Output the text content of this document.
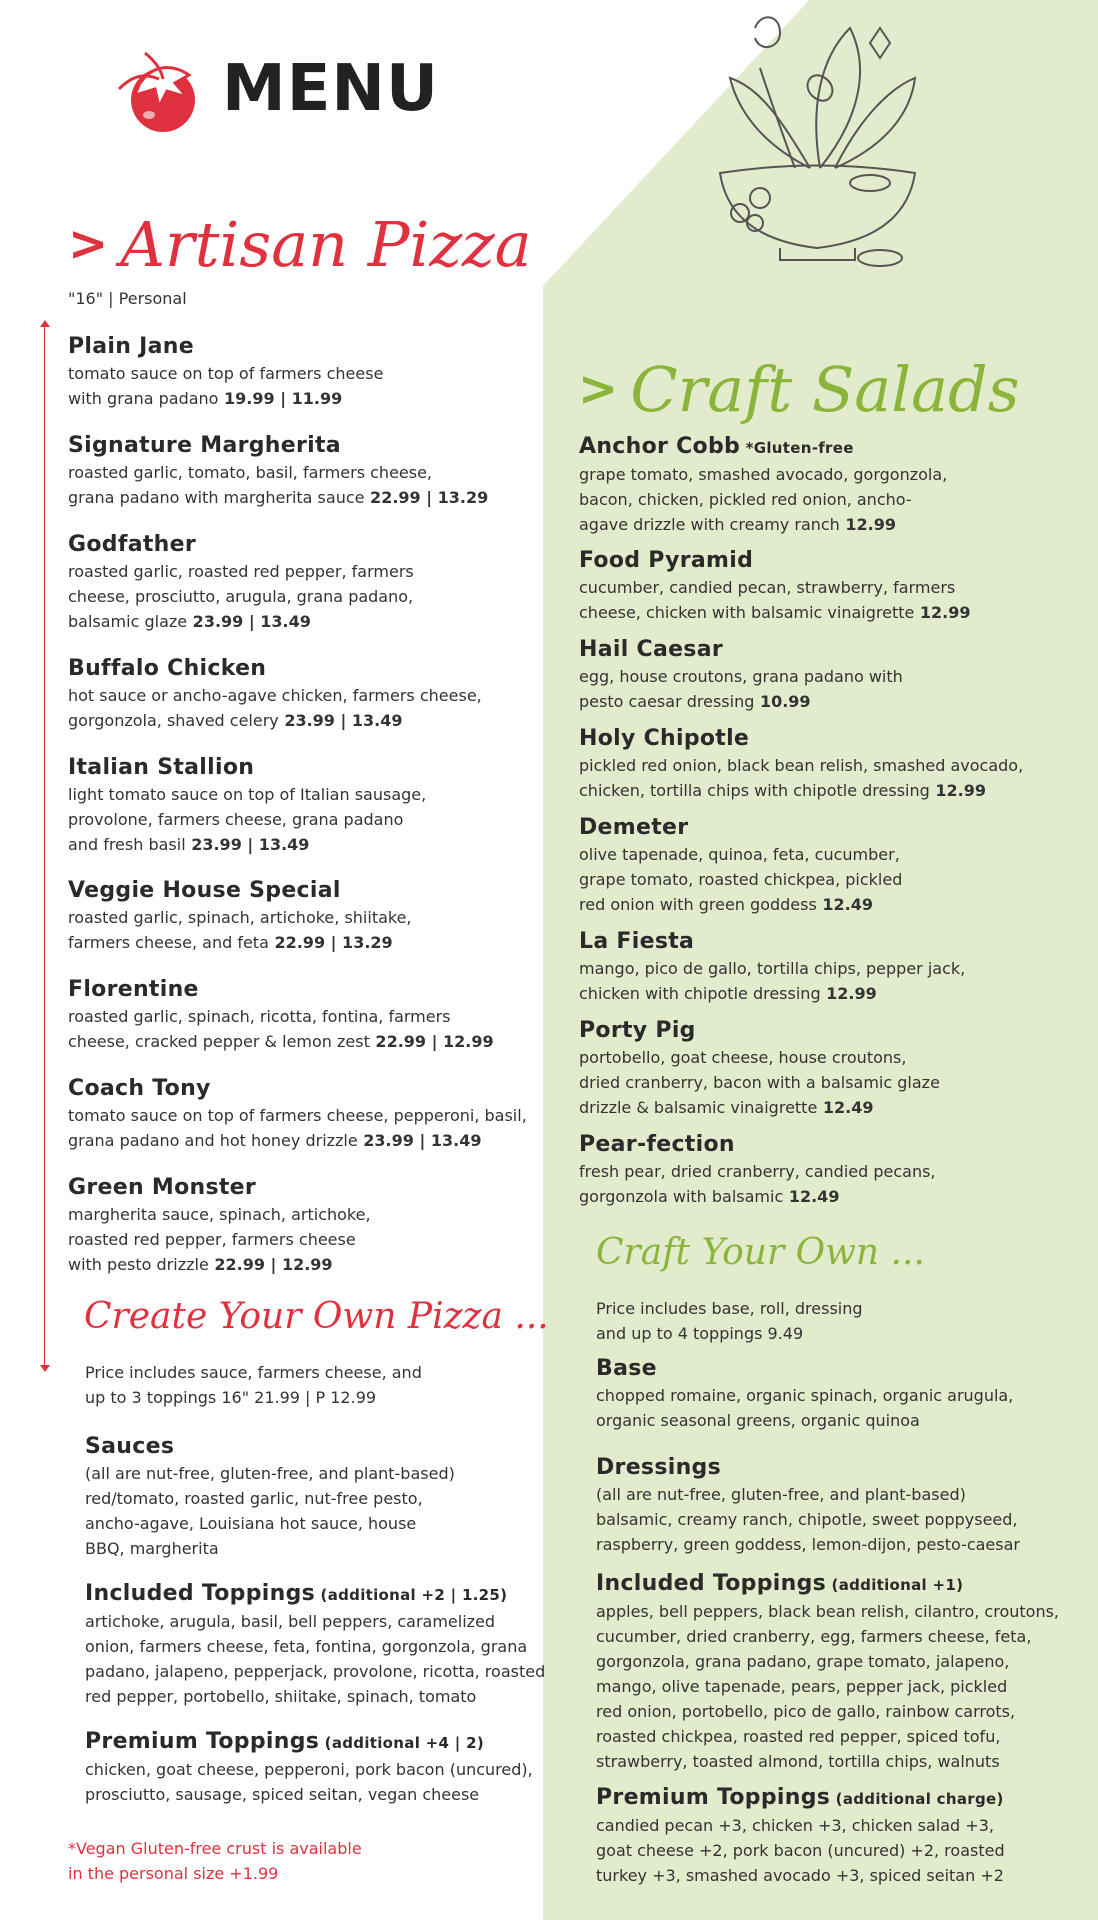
MENU
> Artisan Pizza
"16" | Personal
Plain Jane
tomato sauce on top of farmers cheese
with grana padano 19.99 | 11.99
Signature Margherita
roasted garlic, tomato, basil, farmers cheese,
grana padano with margherita sauce 22.99 | 13.29
Godfather
roasted garlic, roasted red pepper, farmers
cheese, prosciutto, arugula, grana padano,
balsamic glaze 23.99 | 13.49
Buffalo Chicken
hot sauce or ancho-agave chicken, farmers cheese,
gorgonzola, shaved celery 23.99 | 13.49
Italian Stallion
light tomato sauce on top of Italian sausage,
provolone, farmers cheese, grana padano
and fresh basil 23.99 | 13.49
Veggie House Special
roasted garlic, spinach, artichoke, shiitake,
farmers cheese, and feta 22.99 | 13.29
Florentine
roasted garlic, spinach, ricotta, fontina, farmers
cheese, cracked pepper & lemon zest 22.99 | 12.99
Coach Tony
tomato sauce on top of farmers cheese, pepperoni, basil,
grana padano and hot honey drizzle 23.99 | 13.49
Green Monster
margherita sauce, spinach, artichoke,
roasted red pepper, farmers cheese
with pesto drizzle 22.99 | 12.99
Create Your Own Pizza ...
Price includes sauce, farmers cheese, and
up to 3 toppings 16" 21.99 | P 12.99
Sauces
(all are nut-free, gluten-free, and plant-based)
red/tomato, roasted garlic, nut-free pesto,
ancho-agave, Louisiana hot sauce, house
BBQ, margherita
Included Toppings (additional +2 | 1.25)
artichoke, arugula, basil, bell peppers, caramelized
onion, farmers cheese, feta, fontina, gorgonzola, grana
padano, jalapeno, pepperjack, provolone, ricotta, roasted
red pepper, portobello, shiitake, spinach, tomato
Premium Toppings (additional +4 | 2)
chicken, goat cheese, pepperoni, pork bacon (uncured),
prosciutto, sausage, spiced seitan, vegan cheese
*Vegan Gluten-free crust is available
in the personal size +1.99
> Craft Salads
Anchor Cobb *Gluten-free
grape tomato, smashed avocado, gorgonzola,
bacon, chicken, pickled red onion, ancho-
agave drizzle with creamy ranch 12.99
Food Pyramid
cucumber, candied pecan, strawberry, farmers
cheese, chicken with balsamic vinaigrette 12.99
Hail Caesar
egg, house croutons, grana padano with
pesto caesar dressing 10.99
Holy Chipotle
pickled red onion, black bean relish, smashed avocado,
chicken, tortilla chips with chipotle dressing 12.99
Demeter
olive tapenade, quinoa, feta, cucumber,
grape tomato, roasted chickpea, pickled
red onion with green goddess 12.49
La Fiesta
mango, pico de gallo, tortilla chips, pepper jack,
chicken with chipotle dressing 12.99
Porty Pig
portobello, goat cheese, house croutons,
dried cranberry, bacon with a balsamic glaze
drizzle & balsamic vinaigrette 12.49
Pear-fection
fresh pear, dried cranberry, candied pecans,
gorgonzola with balsamic 12.49
Craft Your Own ...
Price includes base, roll, dressing
and up to 4 toppings 9.49
Base
chopped romaine, organic spinach, organic arugula,
organic seasonal greens, organic quinoa
Dressings
(all are nut-free, gluten-free, and plant-based)
balsamic, creamy ranch, chipotle, sweet poppyseed,
raspberry, green goddess, lemon-dijon, pesto-caesar
Included Toppings (additional +1)
apples, bell peppers, black bean relish, cilantro, croutons,
cucumber, dried cranberry, egg, farmers cheese, feta,
gorgonzola, grana padano, grape tomato, jalapeno,
mango, olive tapenade, pears, pepper jack, pickled
red onion, portobello, pico de gallo, rainbow carrots,
roasted chickpea, roasted red pepper, spiced tofu,
strawberry, toasted almond, tortilla chips, walnuts
Premium Toppings (additional charge)
candied pecan +3, chicken +3, chicken salad +3,
goat cheese +2, pork bacon (uncured) +2, roasted
turkey +3, smashed avocado +3, spiced seitan +2
